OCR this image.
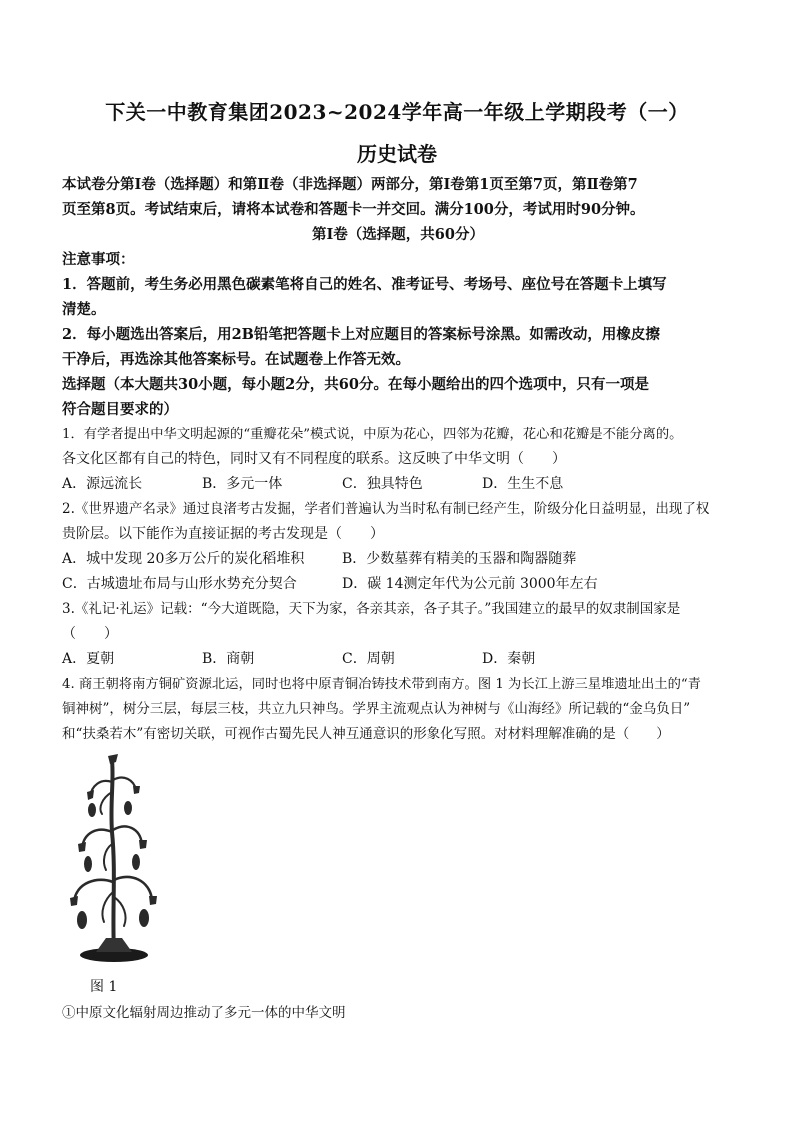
下关一中教育集团2023~2024学年高一年级上学期段考（一）
历史试卷
本试卷分第Ⅰ卷（选择题）和第Ⅱ卷（非选择题）两部分，第Ⅰ卷第1页至第7页，第Ⅱ卷第7
页至第8页。考试结束后，请将本试卷和答题卡一并交回。满分100分，考试用时90分钟。
第Ⅰ卷（选择题，共60分）
注意事项：
1．答题前，考生务必用黑色碳素笔将自己的姓名、准考证号、考场号、座位号在答题卡上填写
清楚。
2．每小题选出答案后，用2B铅笔把答题卡上对应题目的答案标号涂黑。如需改动，用橡皮擦
干净后，再选涂其他答案标号。在试题卷上作答无效。
选择题（本大题共30小题，每小题2分，共60分。在每小题给出的四个选项中，只有一项是
符合题目要求的）
1．有学者提出中华文明起源的“重瓣花朵”模式说，中原为花心，四邻为花瓣，花心和花瓣是不能分离的。
各文化区都有自己的特色，同时又有不同程度的联系。这反映了中华文明（　　）
A．源远流长	B．多元一体	C．独具特色	D．生生不息
2.《世界遗产名录》通过良渚考古发掘，学者们普遍认为当时私有制已经产生，阶级分化日益明显，出现了权
贵阶层。以下能作为直接证据的考古发现是（　　）
A．城中发现 20多万公斤的炭化稻堆积	B．少数墓葬有精美的玉器和陶器随葬
C．古城遗址布局与山形水势充分契合	D．碳 14测定年代为公元前 3000年左右
3.《礼记·礼运》记载：“今大道既隐，天下为家，各亲其亲，各子其子。”我国建立的最早的奴隶制国家是
（　　）
A．夏朝	B．商朝	C．周朝	D．秦朝
4. 商王朝将南方铜矿资源北运，同时也将中原青铜冶铸技术带到南方。图 1 为长江上游三星堆遗址出土的“青
铜神树”，树分三层，每层三枝，共立九只神鸟。学界主流观点认为神树与《山海经》所记载的“金乌负日”
和“扶桑若木”有密切关联，可视作古蜀先民人神互通意识的形象化写照。对材料理解准确的是（　　）
图 1
①中原文化辐射周边推动了多元一体的中华文明
